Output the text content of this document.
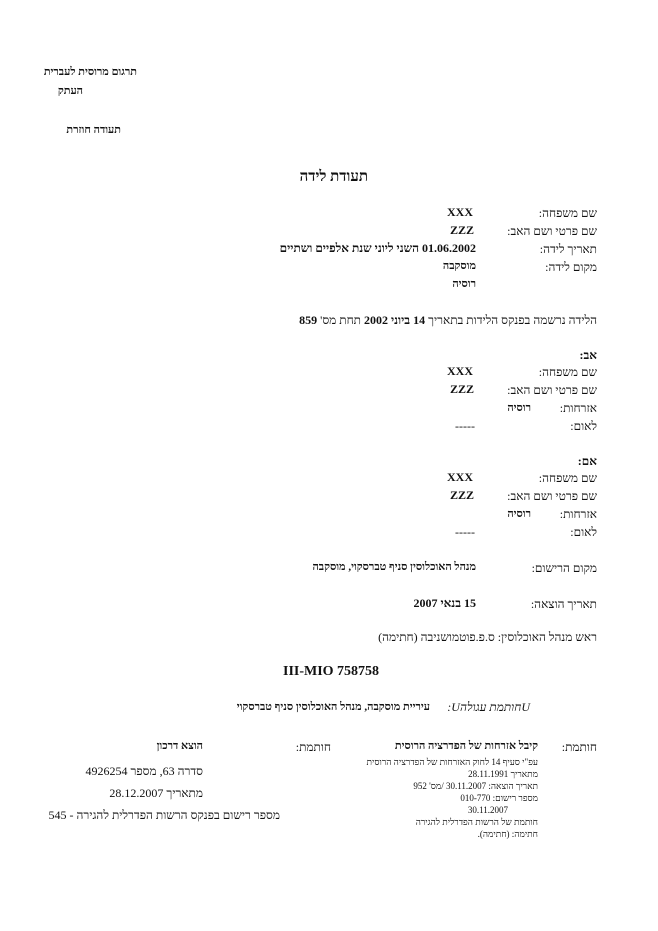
תרגום מרוסית לעברית
העתק
תעודה חוזרת
תעודת לידה
שם משפחה:
XXX
שם פרטי ושם האב:
ZZZ
תאריך לידה:
01.06.2002 השני ליוני שנת אלפיים ושתיים
מקום לידה:
מוסקבה
רוסיה
הלידה נרשמה בפנקס הלידות בתאריך 14 ביוני 2002 תחת מס' 859
אב:
שם משפחה:
XXX
שם פרטי ושם האב:
ZZZ
אזרחות:
רוסיה
לאום:
-----
אם:
שם משפחה:
XXX
שם פרטי ושם האב:
ZZZ
אזרחות:
רוסיה
לאום:
-----
מקום הרישום:
מנהל האוכלוסין סניף טברסקוי, מוסקבה
תאריך הוצאה:
15 בנאי 2007
ראש מנהל האוכלוסין: ס.פ.פוטמושניבה (חתימה)
III-MIO 758758
Uחותמת עגולהU:
עיריית מוסקבה, מנהל האוכלוסין סניף טברסקוי
חותמת:
קיבל אזרחות של הפדרציה הרוסית
עפ"י סעיף 14 לחוק האזרחות של הפדרציה הרוסית
מתאריך 28.11.1991
תאריך הוצאה: 30.11.2007 /מס' 952
מספר רישום: 010-770
30.11.2007
חותמת של הרשות הפדרלית להגירה
חתימה: (חתימה).
חותמת:
הוצא דרכון
סדרה 63, מספר 4926254
מתאריך 28.12.2007
מספר רישום בפנקס הרשות הפדרלית להגירה - 545
